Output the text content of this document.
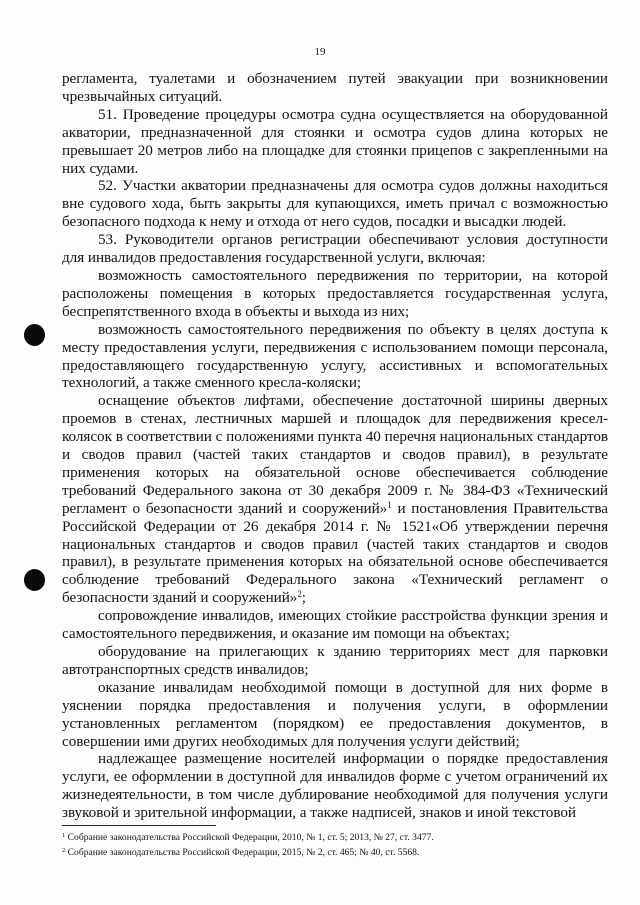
19

регламента, туалетами и обозначением путей эвакуации при возникновении чрезвычайных ситуаций.

51. Проведение процедуры осмотра судна осуществляется на оборудованной акватории, предназначенной для стоянки и осмотра судов длина которых не превышает 20 метров либо на площадке для стоянки прицепов с закрепленными на них судами.

52. Участки акватории предназначены для осмотра судов должны находиться вне судового хода, быть закрыты для купающихся, иметь причал с возможностью безопасного подхода к нему и отхода от него судов, посадки и высадки людей.

53. Руководители органов регистрации обеспечивают условия доступности для инвалидов предоставления государственной услуги, включая:

возможность самостоятельного передвижения по территории, на которой расположены помещения в которых предоставляется государственная услуга, беспрепятственного входа в объекты и выхода из них;

возможность самостоятельного передвижения по объекту в целях доступа к месту предоставления услуги, передвижения с использованием помощи персонала, предоставляющего государственную услугу, ассистивных и вспомогательных технологий, а также сменного кресла-коляски;

оснащение объектов лифтами, обеспечение достаточной ширины дверных проемов в стенах, лестничных маршей и площадок для передвижения кресел-колясок в соответствии с положениями пункта 40 перечня национальных стандартов и сводов правил (частей таких стандартов и сводов правил), в результате применения которых на обязательной основе обеспечивается соблюдение требований Федерального закона от 30 декабря 2009 г. № 384-ФЗ «Технический регламент о безопасности зданий и сооружений»$^1$ и постановления Правительства Российской Федерации от 26 декабря 2014 г. № 1521«Об утверждении перечня национальных стандартов и сводов правил (частей таких стандартов и сводов правил), в результате применения которых на обязательной основе обеспечивается соблюдение требований Федерального закона «Технический регламент о безопасности зданий и сооружений»$^2$;

сопровождение инвалидов, имеющих стойкие расстройства функции зрения и самостоятельного передвижения, и оказание им помощи на объектах;

оборудование на прилегающих к зданию территориях мест для парковки автотранспортных средств инвалидов;

оказание инвалидам необходимой помощи в доступной для них форме в уяснении порядка предоставления и получения услуги, в оформлении установленных регламентом (порядком) ее предоставления документов, в совершении ими других необходимых для получения услуги действий;

надлежащее размещение носителей информации о порядке предоставления услуги, ее оформлении в доступной для инвалидов форме с учетом ограничений их жизнедеятельности, в том числе дублирование необходимой для получения услуги звуковой и зрительной информации, а также надписей, знаков и иной текстовой

$^1$ Собрание законодательства Российской Федерации, 2010, № 1, ст. 5; 2013, № 27, ст. 3477.

$^2$ Собрание законодательства Российской Федерации, 2015, № 2, ст. 465; № 40, ст. 5568.
